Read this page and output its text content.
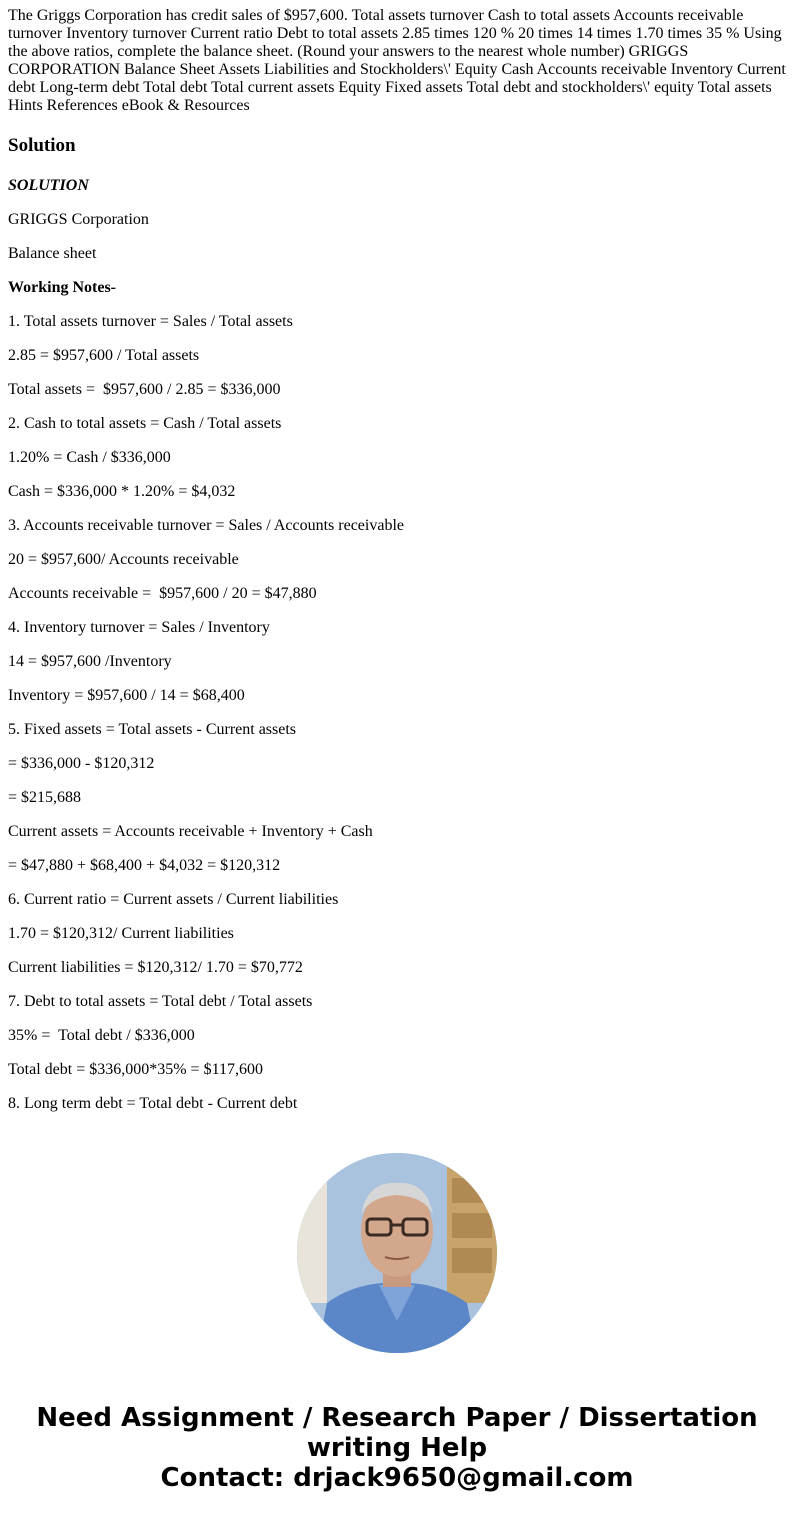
The Griggs Corporation has credit sales of $957,600. Total assets turnover Cash to total assets Accounts receivable turnover Inventory turnover Current ratio Debt to total assets 2.85 times 120 % 20 times 14 times 1.70 times 35 % Using the above ratios, complete the balance sheet. (Round your answers to the nearest whole number) GRIGGS CORPORATION Balance Sheet Assets Liabilities and Stockholders\' Equity Cash Accounts receivable Inventory Current debt Long-term debt Total debt Total current assets Equity Fixed assets Total debt and stockholders\' equity Total assets Hints References eBook & Resources

Solution

SOLUTION

GRIGGS Corporation

Balance sheet

Working Notes-

1. Total assets turnover = Sales / Total assets

2.85 = $957,600 / Total assets

Total assets =  $957,600 / 2.85 = $336,000

2. Cash to total assets = Cash / Total assets

1.20% = Cash / $336,000

Cash = $336,000 * 1.20% = $4,032

3. Accounts receivable turnover = Sales / Accounts receivable

20 = $957,600/ Accounts receivable

Accounts receivable =  $957,600 / 20 = $47,880

4. Inventory turnover = Sales / Inventory

14 = $957,600 /Inventory

Inventory = $957,600 / 14 = $68,400

5. Fixed assets = Total assets - Current assets

= $336,000 - $120,312

= $215,688

Current assets = Accounts receivable + Inventory + Cash

= $47,880 + $68,400 + $4,032 = $120,312

6. Current ratio = Current assets / Current liabilities

1.70 = $120,312/ Current liabilities

Current liabilities = $120,312/ 1.70 = $70,772

7. Debt to total assets = Total debt / Total assets

35% =  Total debt / $336,000

Total debt = $336,000*35% = $117,600

8. Long term debt = Total debt - Current debt

Need Assignment / Research Paper / Dissertation
writing Help
Contact: drjack9650@gmail.com
